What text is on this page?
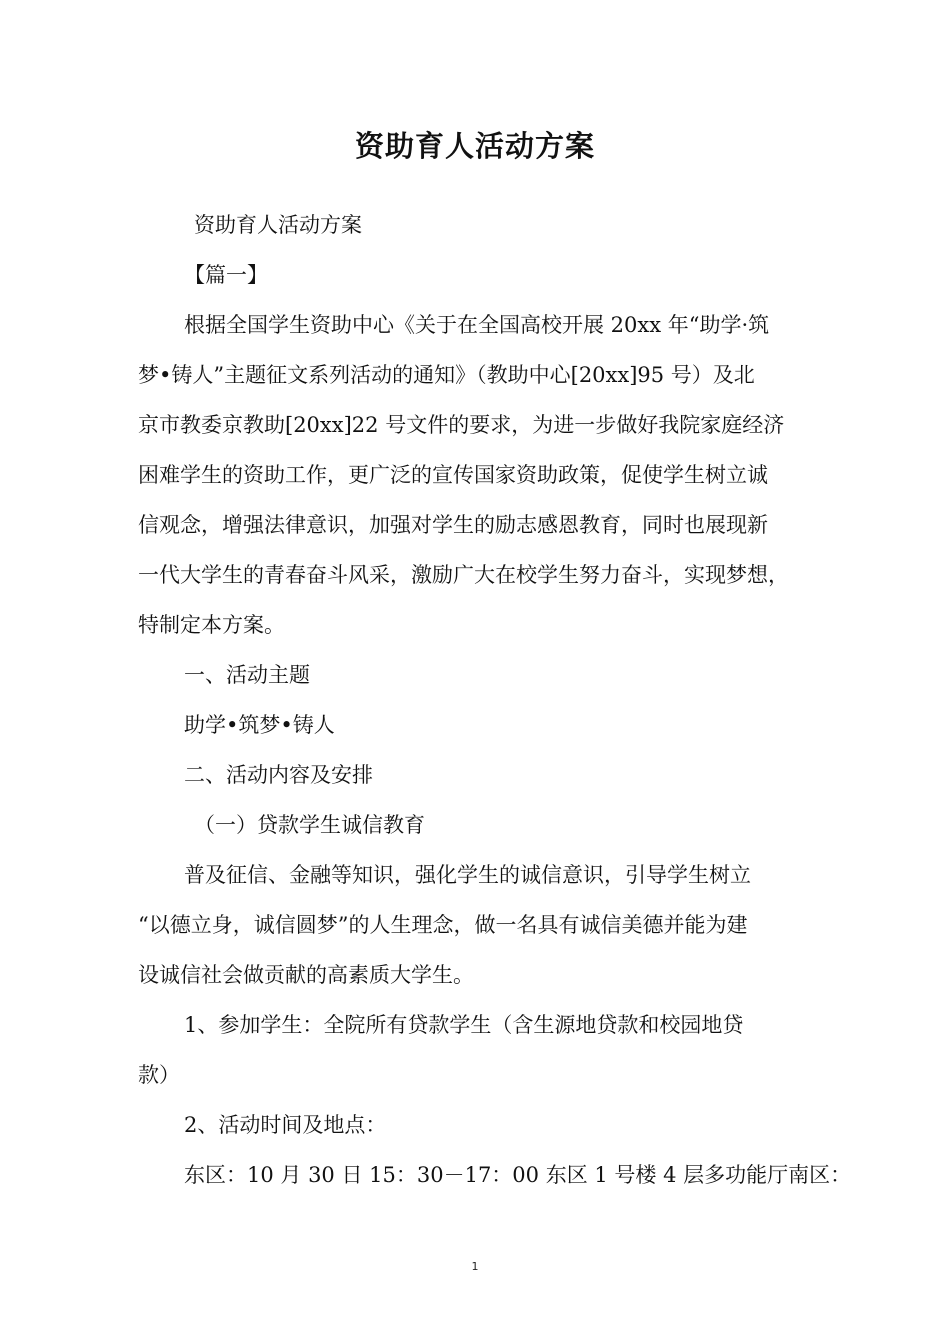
资助育人活动方案

资助育人活动方案

【篇一】

根据全国学生资助中心《关于在全国高校开展 20xx 年“助学·筑
梦•铸人”主题征文系列活动的通知》（教助中心[20xx]95 号）及北
京市教委京教助[20xx]22 号文件的要求，为进一步做好我院家庭经济
困难学生的资助工作，更广泛的宣传国家资助政策，促使学生树立诚
信观念，增强法律意识，加强对学生的励志感恩教育，同时也展现新
一代大学生的青春奋斗风采，激励广大在校学生努力奋斗，实现梦想，
特制定本方案。

一、活动主题

助学•筑梦•铸人

二、活动内容及安排

（一）贷款学生诚信教育

普及征信、金融等知识，强化学生的诚信意识，引导学生树立
“以德立身，诚信圆梦”的人生理念，做一名具有诚信美德并能为建
设诚信社会做贡献的高素质大学生。
1、参加学生：全院所有贷款学生（含生源地贷款和校园地贷
款）

2、活动时间及地点：

东区：10 月 30 日 15：30－17：00 东区 1 号楼 4 层多功能厅南区：

1
